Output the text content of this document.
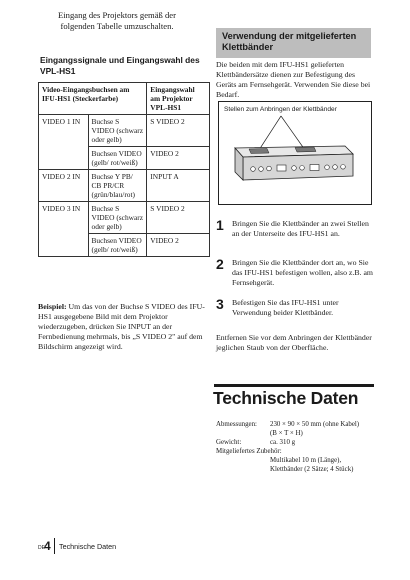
Eingang des Projektors gemäß der folgenden Tabelle umzuschalten.
Eingangssignale und Eingangswahl des VPL-HS1
Video-Eingangsbuchsen am IFU-HS1 (Steckerfarbe)		Eingangswahl am Projektor VPL-HS1
VIDEO 1 IN	Buchse S VIDEO (schwarz oder gelb)	S VIDEO 2
	Buchsen VIDEO (gelb/ rot/weiß)	VIDEO 2
VIDEO 2 IN	Buchse Y PB/ CB PR/CR (grün/blau/rot)	INPUT A
VIDEO 3 IN	Buchse S VIDEO (schwarz oder gelb)	S VIDEO 2
	Buchsen VIDEO (gelb/ rot/weiß)	VIDEO 2
Beispiel: Um das von der Buchse S VIDEO des IFU-HS1 ausgegebene Bild mit dem Projektor wiederzugeben, drücken Sie INPUT an der Fernbedienung mehrmals, bis „S VIDEO 2" auf dem Bildschirm angezeigt wird.
Verwendung der mitgelieferten Klettbänder
Die beiden mit dem IFU-HS1 gelieferten Klettbändersätze dienen zur Befestigung des Geräts am Fernsehgerät. Verwenden Sie diese bei Bedarf.
Stellen zum Anbringen der Klettbänder
1 Bringen Sie die Klettbänder an zwei Stellen an der Unterseite des IFU-HS1 an.
2 Bringen Sie die Klettbänder dort an, wo Sie das IFU-HS1 befestigen wollen, also z.B. am Fernsehgerät.
3 Befestigen Sie das IFU-HS1 unter Verwendung beider Klettbänder.
Entfernen Sie vor dem Anbringen der Klettbänder jeglichen Staub von der Oberfläche.
Technische Daten
Abmessungen: 230 × 90 × 50 mm (ohne Kabel)
(B × T × H)
Gewicht:	ca. 310 g
Mitgeliefertes Zubehör:
Multikabel 10 m (Länge),
Klettbänder (2 Sätze; 4 Stück)
DE 4 Technische Daten
